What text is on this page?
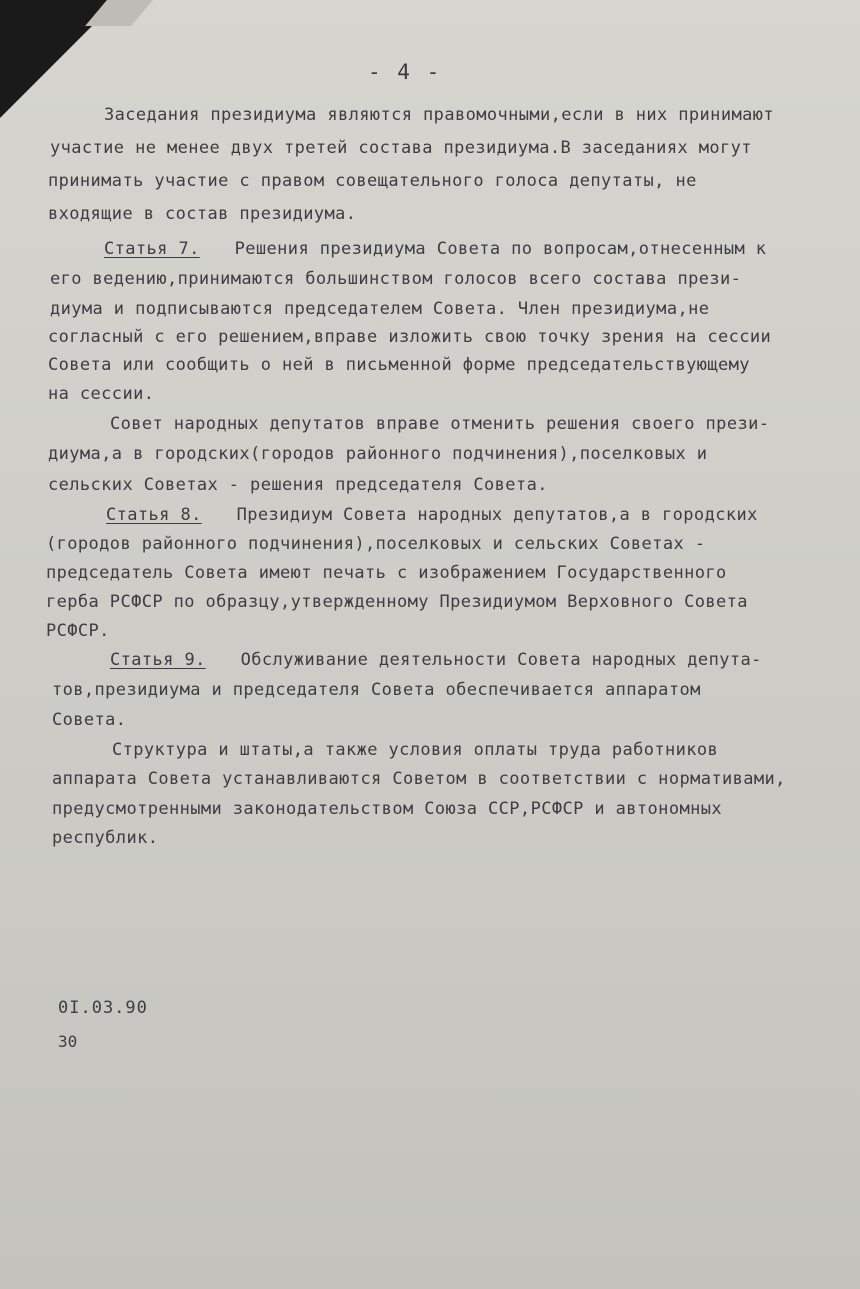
- 4 -
Заседания президиума являются правомочными,если в них принимают
участие не менее двух третей состава президиума.В заседаниях могут
принимать участие с правом совещательного голоса депутаты, не
входящие в состав президиума.
Статья 7. Решения президиума Совета по вопросам,отнесенным к
его ведению,принимаются большинством голосов всего состава прези-
диума и подписываются председателем Совета. Член президиума,не
согласный с его решением,вправе изложить свою точку зрения на сессии
Совета или сообщить о ней в письменной форме председательствующему
на сессии.
Совет народных депутатов вправе отменить решения своего прези-
диума,а в городских(городов районного подчинения),поселковых и
сельских Советах - решения председателя Совета.
Статья 8. Президиум Совета народных депутатов,а в городских
(городов районного подчинения),поселковых и сельских Советах -
председатель Совета имеют печать с изображением Государственного
герба РСФСР по образцу,утвержденному Президиумом Верховного Совета
РСФСР.
Статья 9. Обслуживание деятельности Совета народных депута-
тов,президиума и председателя Совета обеспечивается аппаратом
Совета.
Структура и штаты,а также условия оплаты труда работников
аппарата Совета устанавливаются Советом в соответствии с нормативами,
предусмотренными законодательством Союза ССР,РСФСР и автономных
республик.
0I.03.90
30
